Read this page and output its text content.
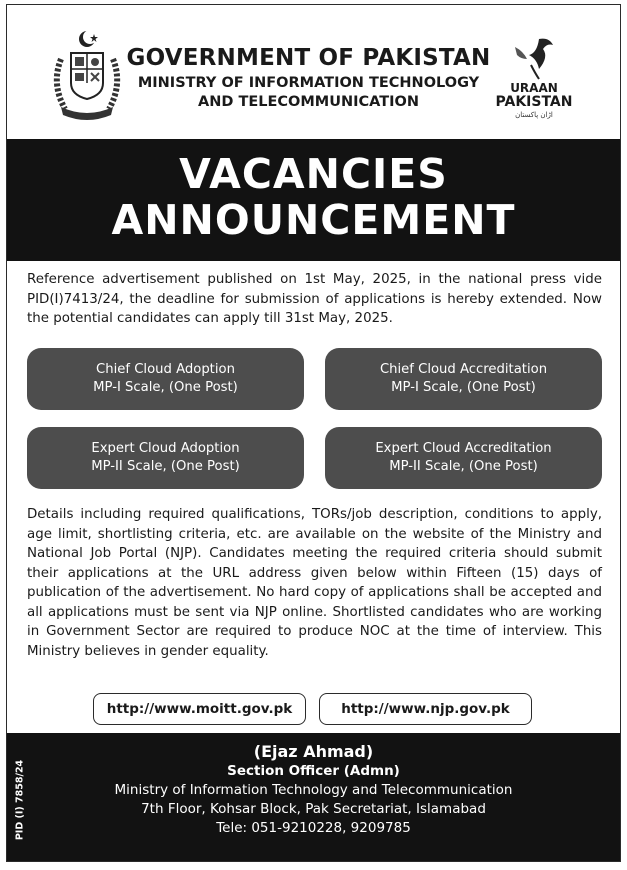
GOVERNMENT OF PAKISTAN
MINISTRY OF INFORMATION TECHNOLOGY
AND TELECOMMUNICATION
URAAN
PAKISTAN
اڑان پاکستان
VACANCIES
ANNOUNCEMENT
Reference advertisement published on 1st May, 2025, in the national press vide PID(I)7413/24, the deadline for submission of applications is hereby extended. Now the potential candidates can apply till 31st May, 2025.
Chief Cloud Adoption
MP-I Scale, (One Post)
Chief Cloud Accreditation
MP-I Scale, (One Post)
Expert Cloud Adoption
MP-II Scale, (One Post)
Expert Cloud Accreditation
MP-II Scale, (One Post)
Details including required qualifications, TORs/job description, conditions to apply, age limit, shortlisting criteria, etc. are available on the website of the Ministry and National Job Portal (NJP). Candidates meeting the required criteria should submit their applications at the URL address given below within Fifteen (15) days of publication of the advertisement. No hard copy of applications shall be accepted and all applications must be sent via NJP online. Shortlisted candidates who are working in Government Sector are required to produce NOC at the time of interview. This Ministry believes in gender equality.
http://www.moitt.gov.pk	http://www.njp.gov.pk
PID (I) 7858/24
(Ejaz Ahmad)
Section Officer (Admn)
Ministry of Information Technology and Telecommunication
7th Floor, Kohsar Block, Pak Secretariat, Islamabad
Tele: 051-9210228, 9209785
